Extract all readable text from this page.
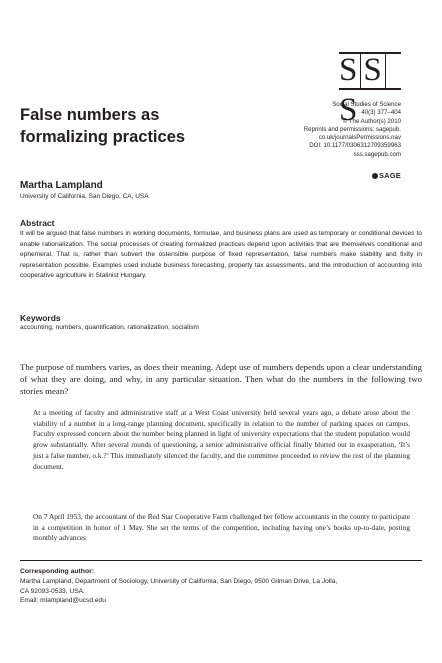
S SS
Social Studies of Science
40(3) 377–404
© The Author(s) 2010
Reprints and permissions: sagepub.
co.uk/journalsPermissions.nav
DOI: 10.1177/0306312709359963
sss.sagepub.com
SAGE
False numbers as
formalizing practices
Martha Lampland
University of California, San Diego, CA, USA
Abstract
It will be argued that false numbers in working documents, formulae, and business plans are used as temporary or conditional devices to enable rationalization. The social processes of creating formalized practices depend upon activities that are themselves conditional and ephemeral. That is, rather than subvert the ostensible purpose of fixed representation, false numbers make stability and fixity in representation possible. Examples used include business forecasting, property tax assessments, and the introduction of accounting into cooperative agriculture in Stalinist Hungary.
Keywords
accounting, numbers, quantification, rationalization, socialism
The purpose of numbers varies, as does their meaning. Adept use of numbers depends upon a clear understanding of what they are doing, and why, in any particular situation. Then what do the numbers in the following two stories mean?
At a meeting of faculty and administrative staff at a West Coast university held several years ago, a debate arose about the viability of a number in a long-range planning document, specifically in relation to the number of parking spaces on campus. Faculty expressed concern about the number being planned in light of university expectations that the student population would grow substantially. After several rounds of questioning, a senior administrative official finally blurted out in exasperation, ‘It’s just a false number, o.k.?’ This immediately silenced the faculty, and the committee proceeded to review the rest of the planning document.
On 7 April 1953, the accountant of the Red Star Cooperative Farm challenged her fellow accountants in the county to participate in a competition in honor of 1 May. She set the terms of the competition, including having one’s books up-to-date, posting monthly advances
Corresponding author:
Martha Lampland, Department of Sociology, University of California, San Diego, 9500 Gilman Drive, La Jolla,
CA 92093-0533, USA.
Email: mlampland@ucsd.edu
